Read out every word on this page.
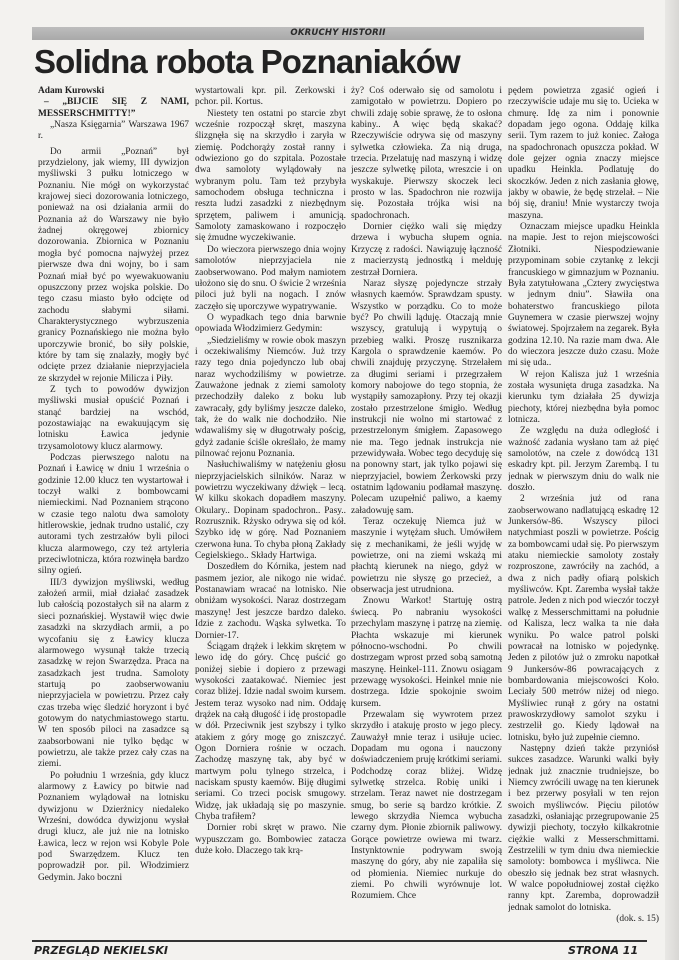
OKRUCHY HISTORII
Solidna robota Poznaniaków

Adam Kurowski

– „BIJCIE SIĘ Z NAMI, MESSERSCHMITTY!”

„Nasza Księgarnia” Warszawa 1967 r.

Do armii „Poznań” był przydzielony, jak wiemy, III dywizjon myśliwski 3 pułku lotniczego w Poznaniu. Nie mógł on wykorzystać krajowej sieci dozorowania lotniczego, ponieważ na osi działania armii do Poznania aż do Warszawy nie było żadnej okręgowej zbiornicy dozorowania. Zbiornica w Poznaniu mogła być pomocna najwyżej przez pierwsze dwa dni wojny, bo i sam Poznań miał być po wyewakuowaniu opuszczony przez wojska polskie. Do tego czasu miasto było odcięte od zachodu słabymi siłami. Charakterystycznego wybrzuszenia granicy Poznańskiego nie można było uporczywie bronić, bo siły polskie, które by tam się znalazły, mogły być odcięte przez działanie nieprzyjaciela ze skrzydeł w rejonie Milicza i Piły.

Z tych to powodów dywizjon myśliwski musiał opuścić Poznań i stanąć bardziej na wschód, pozostawiając na ewakuującym się lotnisku Ławica jedynie trzysamolotowy klucz alarmowy.

Podczas pierwszego nalotu na Poznań i Ławicę w dniu 1 września o godzinie 12.00 klucz ten wystartował i toczył walki z bombowcami niemieckimi. Nad Poznaniem strącono w czasie tego nalotu dwa samoloty hitlerowskie, jednak trudno ustalić, czy autorami tych zestrzałów byli piloci klucza alarmowego, czy też artyleria przeciwlotnicza, która rozwinęła bardzo silny ogień.

III/3 dywizjon myśliwski, według założeń armii, miał działać zasadzek lub całością pozostałych sił na alarm z sieci poznańskiej. Wystawił więc dwie zasadzki na skrzydłach armii, a po wycofaniu się z Ławicy klucza alarmowego wysunął także trzecią zasadzkę w rejon Swarzędza. Praca na zasadzkach jest trudna. Samoloty startują po zaobserwowaniu nieprzyjaciela w powietrzu. Przez cały czas trzeba więc śledzić horyzont i być gotowym do natychmiastowego startu. W ten sposób piloci na zasadzce są zaabsorbowani nie tylko będąc w powietrzu, ale także przez cały czas na ziemi.

Po południu 1 września, gdy klucz alarmowy z Ławicy po bitwie nad Poznaniem wylądował na lotnisku dywizjonu w Dzierżnicy niedaleko Wrześni, dowódca dywizjonu wysłał drugi klucz, ale już nie na lotnisko Ławica, lecz w rejon wsi Kobyle Pole pod Swarzędzem. Klucz ten poprowadził por. pil. Włodzimierz Gedymin. Jako boczni

wystartowali kpr. pil. Żerkowski i pchor. pil. Kortus.

Niestety ten ostatni po starcie zbyt wcześnie rozpoczął skręt, maszyna ślizgnęła się na skrzydło i zaryła w ziemię. Podchorąży został ranny i odwieziono go do szpitala. Pozostałe dwa samoloty wylądowały na wybranym polu. Tam też przybyła samochodem obsługa techniczna i reszta ludzi zasadzki z niezbędnym sprzętem, paliwem i amunicją. Samoloty zamaskowano i rozpoczęło się żmudne wyczekiwanie.

Do wieczora pierwszego dnia wojny samolotów nieprzyjaciela nie zaobserwowano. Pod małym namiotem ułożono się do snu. O świcie 2 września piloci już byli na nogach. I znów zaczęło się uporczywe wypatrywanie.

O wypadkach tego dnia barwnie opowiada Włodzimierz Gedymin:

„Siedzieliśmy w rowie obok maszyn i oczekiwaliśmy Niemców. Już trzy razy tego dnia pojedynczo lub obaj naraz wychodziliśmy w powietrze. Zauważone jednak z ziemi samoloty przechodziły daleko z boku lub zawracały, gdy byliśmy jeszcze daleko, tak, że do walk nie dochodziło. Nie wdawaliśmy się w długotrwały pościg, gdyż zadanie ściśle określało, że mamy pilnować rejonu Poznania.

Nasłuchiwaliśmy w natężeniu głosu nieprzyjacielskich silników. Naraz w powietrzu wyczekiwany dźwięk – lecą. W kilku skokach dopadłem maszyny. Okulary.. Dopinam spadochron.. Pasy.. Rozrusznik. Rżysko odrywa się od kół. Szybko idę w górę. Nad Poznaniem czerwona łuna. To chyba płoną Zakłady Cegielskiego.. Składy Hartwiga.

Doszedłem do Kórnika, jestem nad pasmem jezior, ale nikogo nie widać. Postanawiam wracać na lotnisko. Nie obniżam wysokości. Naraz dostrzegam maszynę! Jest jeszcze bardzo daleko. Idzie z zachodu. Wąska sylwetka. To Dornier-17.

Ściągam drążek i lekkim skrętem w lewo idę do góry. Chcę puścić go poniżej siebie i dopiero z przewagi wysokości zaatakować. Niemiec jest coraz bliżej. Idzie nadal swoim kursem. Jestem teraz wysoko nad nim. Oddaję drążek na całą długość i idę prostopadle w dół. Przeciwnik jest szybszy i tylko atakiem z góry mogę go zniszczyć. Ogon Dorniera rośnie w oczach. Zachodzę maszynę tak, aby być w martwym polu tylnego strzelca, i naciskam spusty kaemów. Biję długimi seriami. Co trzeci pocisk smugowy. Widzę, jak układają się po maszynie. Chyba trafiłem?

Dornier robi skręt w prawo. Nie wypuszczam go. Bombowiec zatacza duże koło. Dlaczego tak krą-

ży? Coś oderwało się od samolotu i zamigotało w powietrzu. Dopiero po chwili zdaję sobie sprawę, że to osłona kabiny.. A więc będą skakać? Rzeczywiście odrywa się od maszyny sylwetka człowieka. Za nią druga, trzecia. Przelatuję nad maszyną i widzę jeszcze sylwetkę pilota, wreszcie i on wyskakuje. Pierwszy skoczek leci prosto w las. Spadochron nie rozwija się. Pozostała trójka wisi na spadochronach.

Dornier ciężko wali się między drzewa i wybucha słupem ognia. Krzyczę z radości. Nawiązuję łączność z macierzystą jednostką i melduję zestrzał Dorniera.

Naraz słyszę pojedyncze strzały własnych kaemów. Sprawdzam spusty. Wszystko w porządku. Co to może być? Po chwili ląduję. Otaczają mnie wszyscy, gratulują i wypytują o przebieg walki. Proszę rusznikarza Kargola o sprawdzenie kaemów. Po chwili znajduję przyczynę. Strzelałem za długimi seriami i przegrzałem komory nabojowe do tego stopnia, że wystąpiły samozapłony. Przy tej okazji zostało przestrzelone śmigło. Według instrukcji nie wolno mi startować z przestrzelonym śmigłem. Zapasowego nie ma. Tego jednak instrukcja nie przewidywała. Wobec tego decyduję się na ponowny start, jak tylko pojawi się nieprzyjaciel, bowiem Żerkowski przy ostatnim lądowaniu podłamał maszynę. Polecam uzupełnić paliwo, a kaemy załadowuję sam.

Teraz oczekuję Niemca już w maszynie i wytężam słuch. Umówiłem się z mechanikami, że jeśli wyjdę w powietrze, oni na ziemi wskażą mi płachtą kierunek na niego, gdyż w powietrzu nie słyszę go przecież, a obserwacja jest utrudniona.

Znowu Warkot! Startuję ostrą świecą. Po nabraniu wysokości przechylam maszynę i patrzę na ziemię. Płachta wskazuje mi kierunek północno-wschodni. Po chwili dostrzegam wprost przed sobą samotną maszynę. Heinkel-111. Znowu osiągam przewagę wysokości. Heinkel mnie nie dostrzega. Idzie spokojnie swoim kursem.

Przewalam się wywrotem przez skrzydło i atakuję prosto w jego plecy. Zauważył mnie teraz i usiłuje uciec. Dopadam mu ogona i nauczony doświadczeniem pruję krótkimi seriami. Podchodzę coraz bliżej. Widzę sylwetkę strzelca. Robię uniki i strzelam. Teraz nawet nie dostrzegam smug, bo serie są bardzo krótkie. Z lewego skrzydła Niemca wybucha czarny dym. Płonie zbiornik paliwowy. Gorące powietrze owiewa mi twarz. Instynktownie podrywam swoją maszynę do góry, aby nie zapaliła się od płomienia. Niemiec nurkuje do ziemi. Po chwili wyrównuje lot. Rozumiem. Chce

pędem powietrza zgasić ogień i rzeczywiście udaje mu się to. Ucieka w chmurę. Idę za nim i ponownie dopadam jego ogona. Oddaję kilka serii. Tym razem to już koniec. Załoga na spadochronach opuszcza pokład. W dole gejzer ognia znaczy miejsce upadku Heinkla. Podlatuję do skoczków. Jeden z nich zasłania głowę, jakby w obawie, że będę strzelał. – Nie bój się, draniu! Mnie wystarczy twoja maszyna.

Oznaczam miejsce upadku Heinkla na mapie. Jest to rejon miejscowości Złotniki. Niespodziewanie przypominam sobie czytankę z lekcji francuskiego w gimnazjum w Poznaniu. Była zatytułowana „Cztery zwycięstwa w jednym dniu”. Sławiła ona bohaterstwo francuskiego pilota Guynemera w czasie pierwszej wojny światowej. Spojrzałem na zegarek. Była godzina 12.10. Na razie mam dwa. Ale do wieczora jeszcze dużo czasu. Może mi się uda..

W rejon Kalisza już 1 września została wysunięta druga zasadzka. Na kierunku tym działała 25 dywizja piechoty, której niezbędna była pomoc lotnicza.

Ze względu na duża odległość i ważność zadania wysłano tam aż pięć samolotów, na czele z dowódcą 131 eskadry kpt. pil. Jerzym Zarembą. I tu jednak w pierwszym dniu do walk nie doszło.

2 września już od rana zaobserwowano nadlatującą eskadrę 12 Junkersów-86. Wszyscy piloci natychmiast poszli w powietrze. Pościg za bombowcami udał się. Po pierwszym ataku niemieckie samoloty zostały rozproszone, zawróciły na zachód, a dwa z nich padły ofiarą polskich myśliwców. Kpt. Zaremba wysłał także patrole. Jeden z nich pod wieczór toczył walkę z Messerschmittami na południe od Kalisza, lecz walka ta nie dała wyniku. Po walce patrol polski powracał na lotnisko w pojedynkę. Jeden z pilotów już o zmroku napotkał 9 Junkersów-86 powracających z bombardowania miejscowości Koło. Leciały 500 metrów niżej od niego. Myśliwiec runął z góry na ostatni prawoskrzydłowy samolot szyku i zestrzelił go. Kiedy lądował na lotnisku, było już zupełnie ciemno.

Następny dzień także przyniósł sukces zasadzce. Warunki walki były jednak już znacznie trudniejsze, bo Niemcy zwrócili uwagę na ten kierunek i bez przerwy posyłali w ten rejon swoich myśliwców. Pięciu pilotów zasadzki, osłaniając przegrupowanie 25 dywizji piechoty, toczyło kilkakrotnie ciężkie walki z Messerschmittami. Zestrzelili w tym dniu dwa niemieckie samoloty: bombowca i myśliwca. Nie obeszło się jednak bez strat własnych. W walce popołudniowej został ciężko ranny kpt. Zaremba, doprowadził jednak samolot do lotniska.
(dok. s. 15)

PRZEGLĄD NEKIELSKI	STRONA 11
